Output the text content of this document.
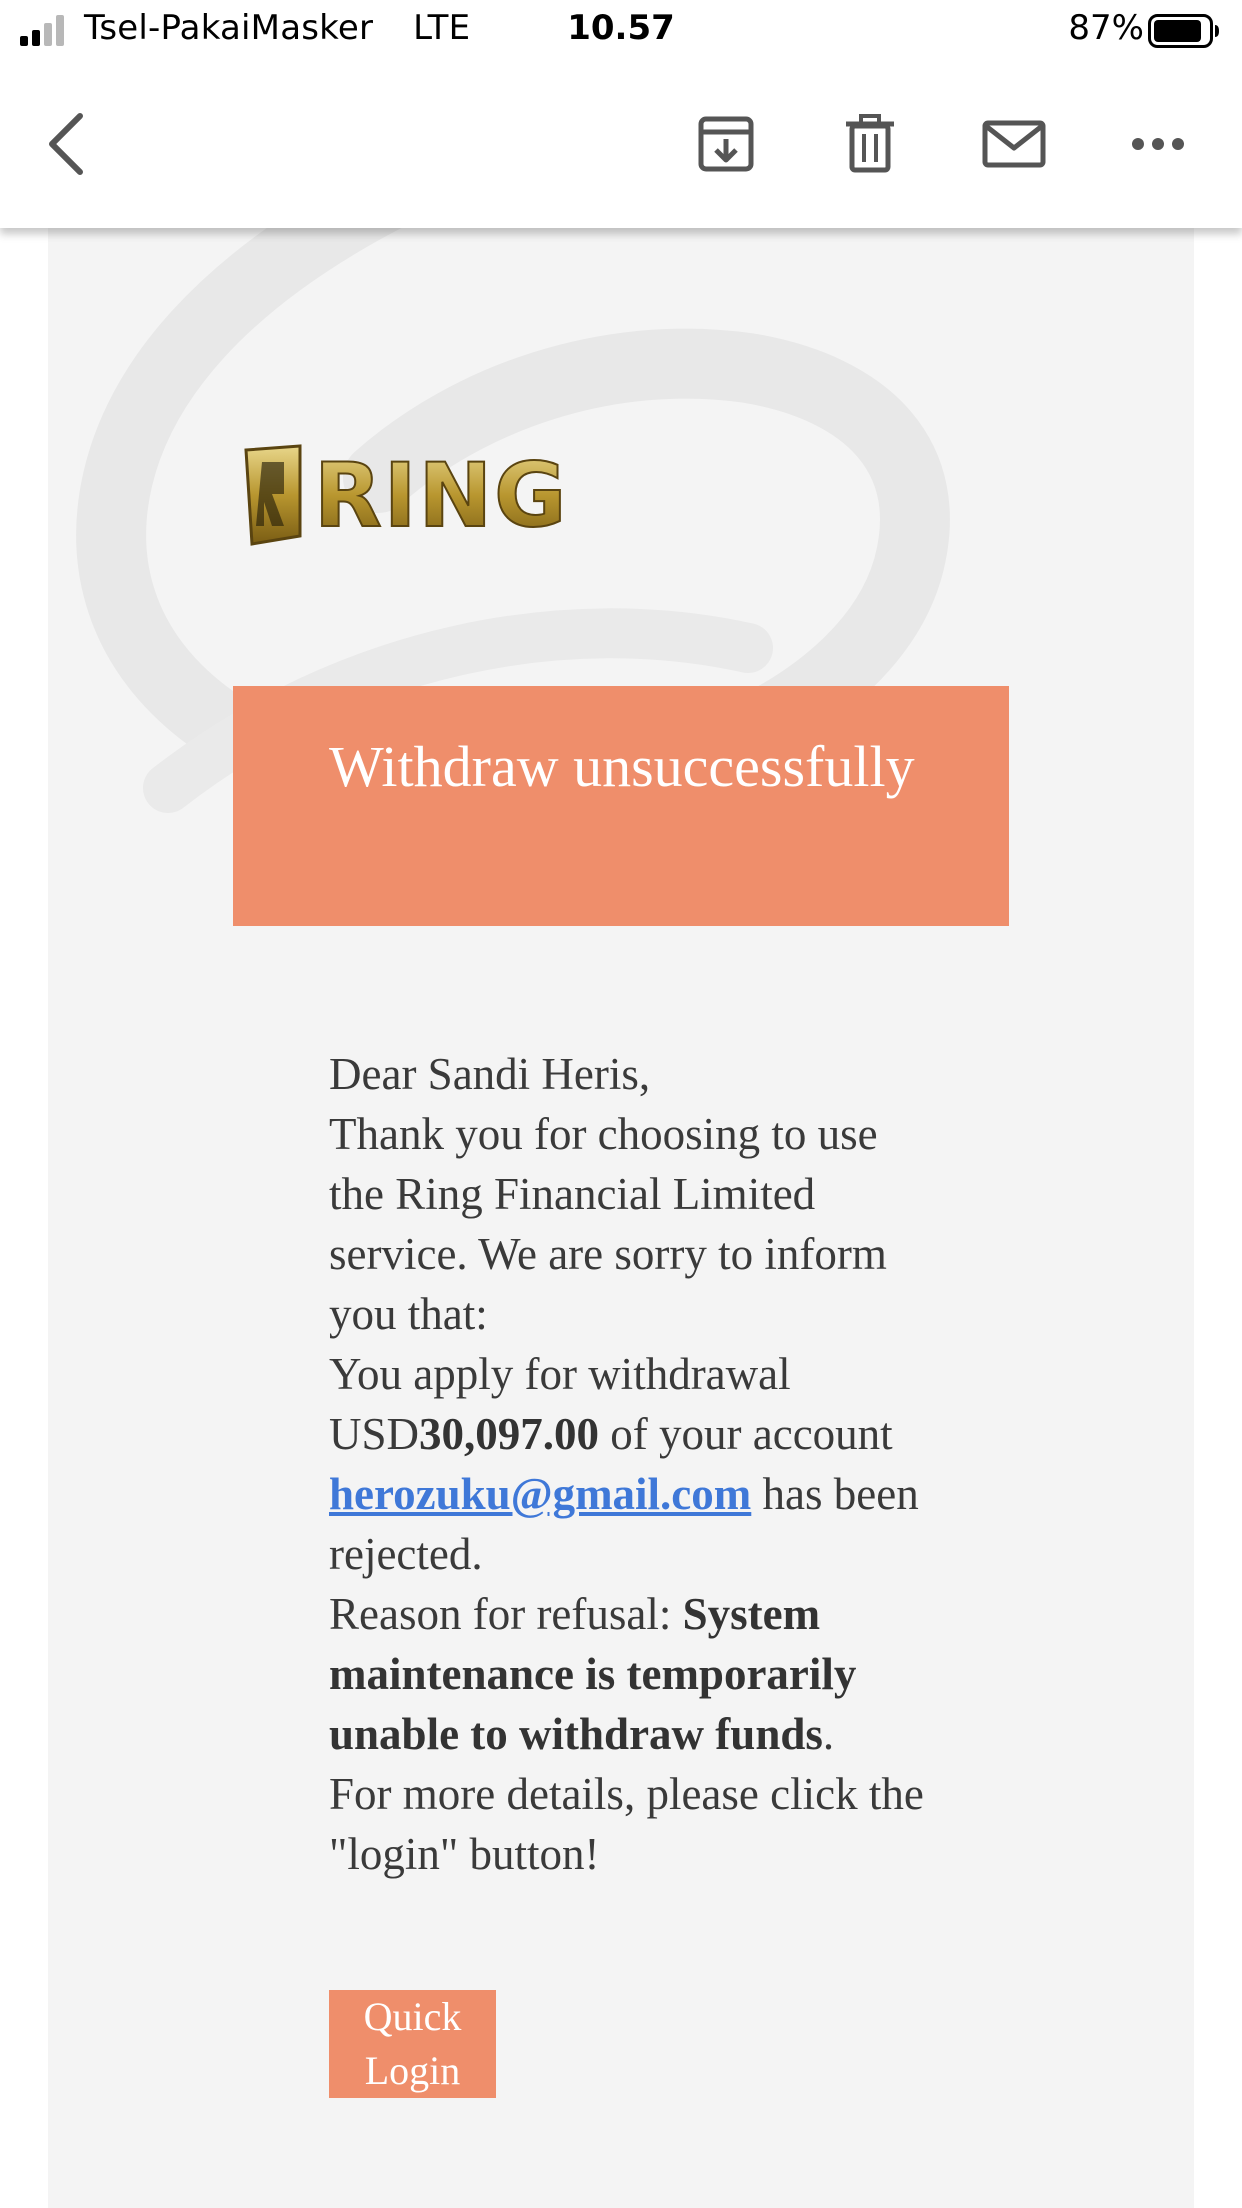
Tsel-PakaiMasker LTE	10.57	87%
RING
Withdraw unsuccessfully

Dear Sandi Heris,

Thank you for choosing to use the Ring Financial Limited service. We are sorry to inform you that:

You apply for withdrawal USD30,097.00 of your account herozuku@gmail.com has been rejected.

Reason for refusal: System maintenance is temporarily unable to withdraw funds.

For more details, please click the "login" button!

Quick Login
